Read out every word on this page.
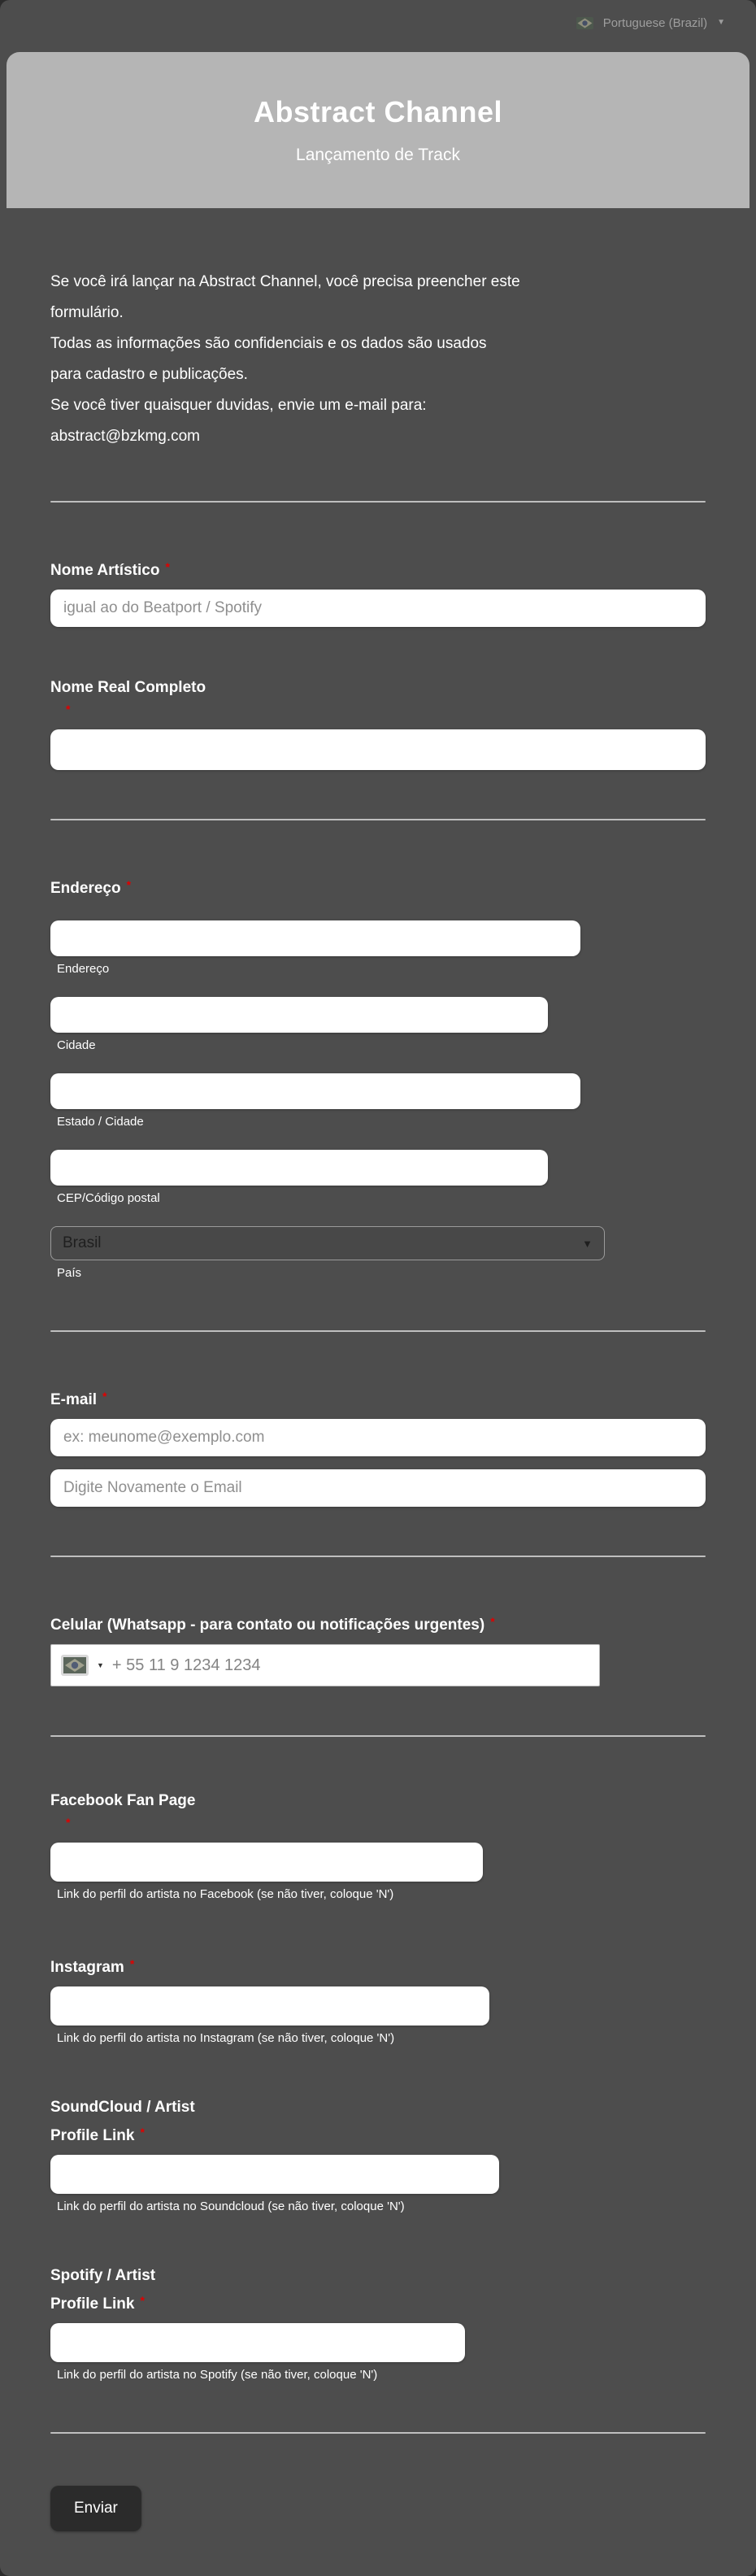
Portuguese (Brazil) ▼
Abstract Channel
Lançamento de Track
Se você irá lançar na Abstract Channel, você precisa preencher este
formulário.
Todas as informações são confidenciais e os dados são usados
para cadastro e publicações.
Se você tiver quaisquer duvidas, envie um e-mail para:
abstract@bzkmg.com
Nome Artístico *
igual ao do Beatport / Spotify
Nome Real Completo
*
Endereço *
Endereço
Cidade
Estado / Cidade
CEP/Código postal
Brasil	▼
País
E-mail *
ex: meunome@exemplo.com
Digite Novamente o Email
Celular (Whatsapp - para contato ou notificações urgentes) *
▼
+ 55 11 9 1234 1234
Facebook Fan Page
*
Link do perfil do artista no Facebook (se não tiver, coloque 'N')
Instagram *
Link do perfil do artista no Instagram (se não tiver, coloque 'N')
SoundCloud / Artist
Profile Link *
Link do perfil do artista no Soundcloud (se não tiver, coloque 'N')
Spotify / Artist
Profile Link *
Link do perfil do artista no Spotify (se não tiver, coloque 'N')
Enviar
